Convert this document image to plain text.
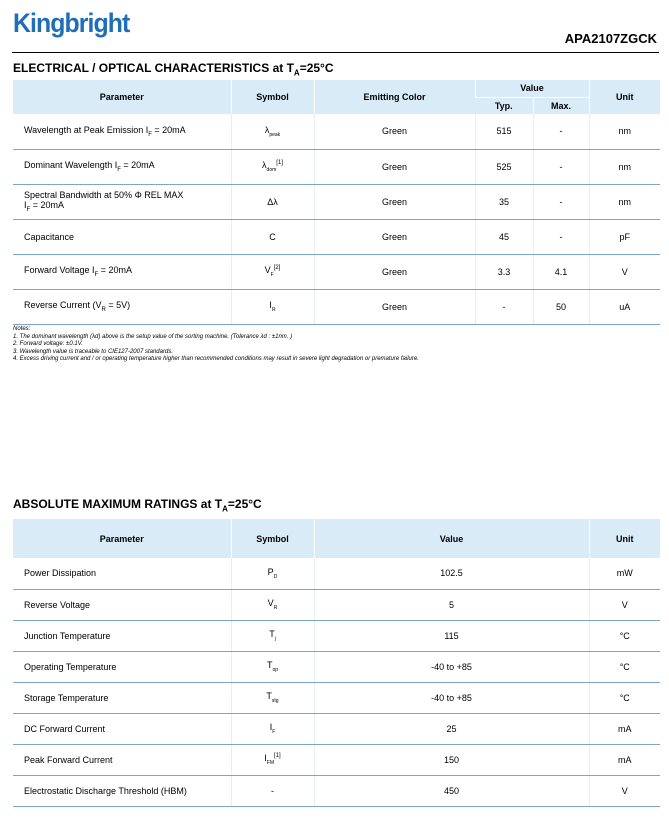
Kingbright
APA2107ZGCK
ELECTRICAL / OPTICAL CHARACTERISTICS at $T_A=25^\circ C$
Parameter	Symbol	Emitting Color	Value		Unit
			Typ.	Max.	
Wavelength at Peak Emission $I_F = 20mA$	$\lambda_{peak}$	Green	515	-	nm
Dominant Wavelength $I_F = 20mA$	$\lambda_{dom}[1]$	Green	525	-	nm
Spectral Bandwidth at 50% Φ REL MAX
$I_F = 20mA$	Δλ	Green	35	-	nm
Capacitance	C	Green	45	-	pF
Forward Voltage $I_F = 20mA$	$V_F[2]$	Green	3.3	4.1	V
Reverse Current $(V_R = 5V)$	$I_R$	Green	-	50	uA
Notes:
1. The dominant wavelength (λd) above is the setup value of the sorting machine. (Tolerance λd : ±1nm. )
2. Forward voltage: ±0.1V.
3. Wavelength value is traceable to CIE127-2007 standards.
4. Excess driving current and / or operating temperature higher than recommended conditions may result in severe light degradation or premature failure.
ABSOLUTE MAXIMUM RATINGS at $T_A=25^\circ C$
Parameter	Symbol	Value	Unit
Power Dissipation	$P_D$	102.5	mW
Reverse Voltage	$V_R$	5	V
Junction Temperature	$T_j$	115	°C
Operating Temperature	$T_{op}$	-40 to +85	°C
Storage Temperature	$T_{stg}$	-40 to +85	°C
DC Forward Current	$I_F$	25	mA
Peak Forward Current	$I_{FM}[1]$	150	mA
Electrostatic Discharge Threshold (HBM)	-	450	V
